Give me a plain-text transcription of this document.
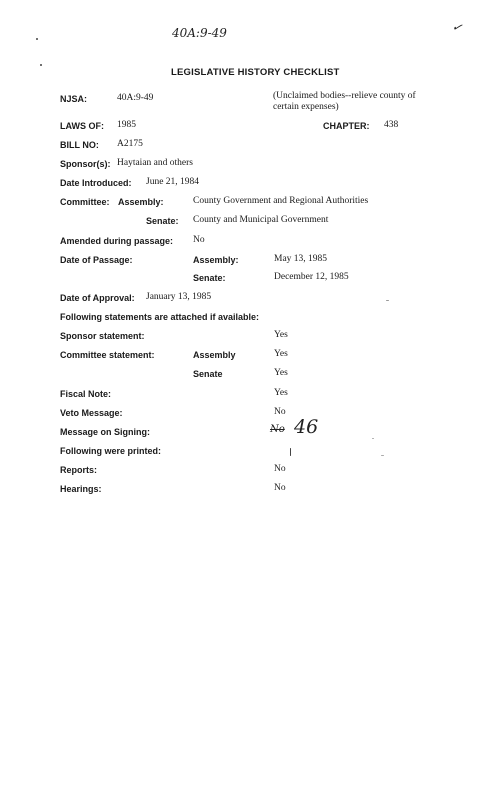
40A:9-49	✓
LEGISLATIVE HISTORY CHECKLIST
NJSA:	40A:9-49	(Unclaimed bodies--relieve county of certain expenses)
LAWS OF: 1985	CHAPTER: 438
BILL NO: A2175
Sponsor(s): Haytaian and others
Date Introduced: June 21, 1984
Committee: Assembly:	County Government and Regional Authorities
Senate: County and Municipal Government
Amended during passage: No
Date of Passage:	Assembly:	May 13, 1985
Senate:	December 12, 1985
Date of Approval: January 13, 1985
Following statements are attached if available:
Sponsor statement:	Yes
Committee statement:	Assembly	Yes
Senate	Yes
Fiscal Note:	Yes
Veto Message:	No
Message on Signing:	No 46
Following were printed:
Reports:	No
Hearings:	No
